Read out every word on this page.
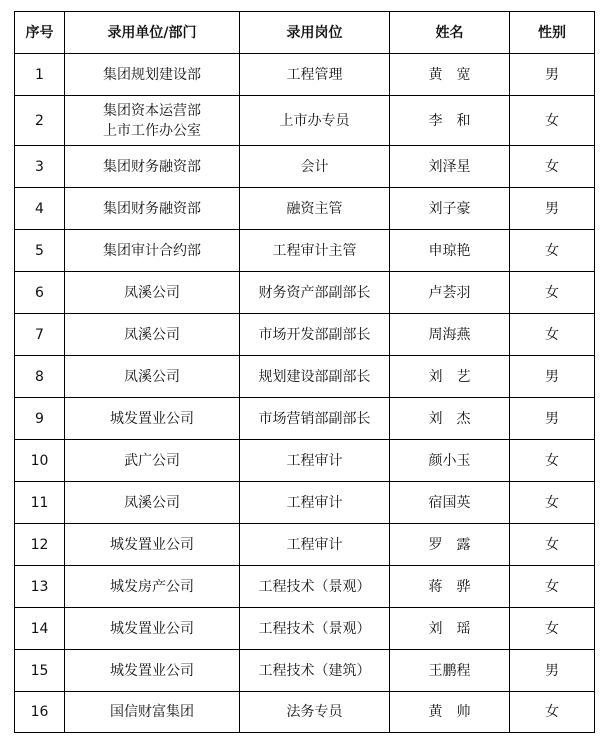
序号	录用单位/部门	录用岗位	姓名	性别
1	集团规划建设部	工程管理	黄　宽	男
2	集团资本运营部
上市工作办公室	上市办专员	李　和	女
3	集团财务融资部	会计	刘泽星	女
4	集团财务融资部	融资主管	刘子豪	男
5	集团审计合约部	工程审计主管	申琼艳	女
6	凤溪公司	财务资产部副部长	卢荟羽	女
7	凤溪公司	市场开发部副部长	周海燕	女
8	凤溪公司	规划建设部副部长	刘　艺	男
9	城发置业公司	市场营销部副部长	刘　杰	男
10	武广公司	工程审计	颜小玉	女
11	凤溪公司	工程审计	宿国英	女
12	城发置业公司	工程审计	罗　露	女
13	城发房产公司	工程技术（景观）	蒋　骅	女
14	城发置业公司	工程技术（景观）	刘　瑶	女
15	城发置业公司	工程技术（建筑）	王鹏程	男
16	国信财富集团	法务专员	黄　帅	女
